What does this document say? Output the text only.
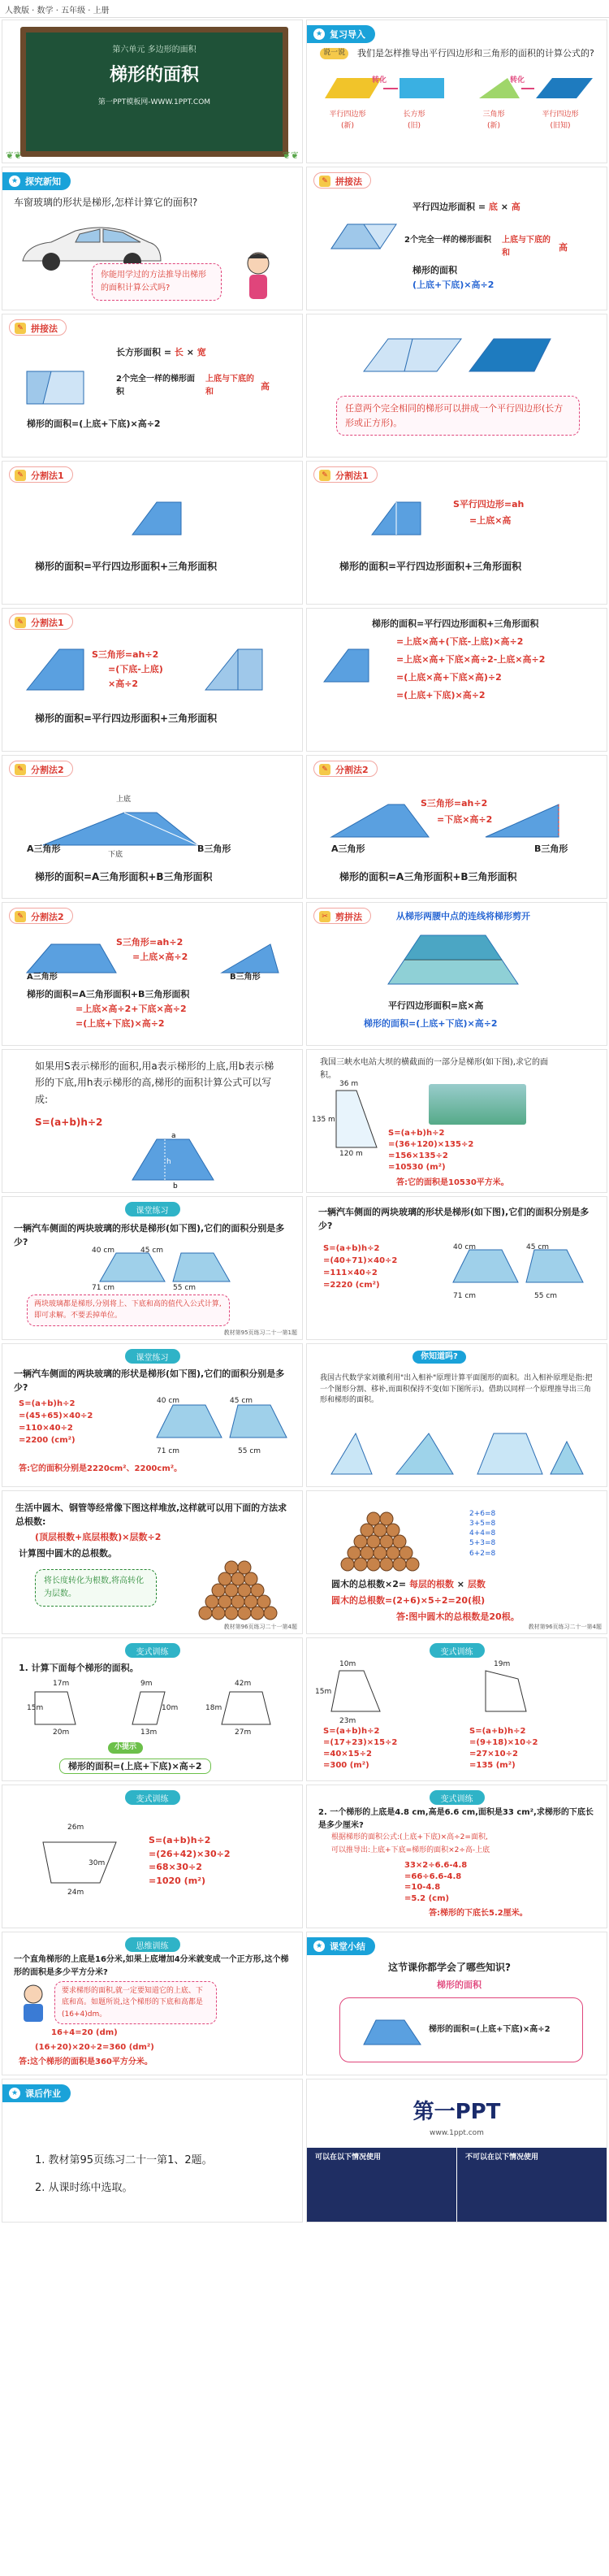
人教版 · 数学 · 五年级 · 上册
第六单元 多边形的面积
梯形的面积
第一PPT模板网-WWW.1PPT.COM
❦❦	❦❦
★ 复习导入
说一说	我们是怎样推导出平行四边形和三角形的面积的计算公式的?
转化	转化
平行四边形
(新)
长方形
(旧)
三角形
(新)
平行四边形
(旧知)
★ 探究新知
车窗玻璃的形状是梯形,怎样计算它的面积?
你能用学过的方法推导出梯形的面积计算公式吗?
✎ 拼接法
平行四边形面积 = 底 × 高
2个完全一样的梯形面积	上底与下底的和	高
梯形的面积
(上底+下底)×高÷2
✎ 拼接法
长方形面积 = 长 × 宽
2个完全一样的梯形面积
上底与下底的和	高
梯形的面积=(上底+下底)×高÷2
任意两个完全相同的梯形可以拼成一个平行四边形(长方形或正方形)。
✎ 分割法1
梯形的面积=平行四边形面积+三角形面积
✎ 分割法1
S平行四边形=ah
=上底×高
梯形的面积=平行四边形面积+三角形面积
✎ 分割法1
S三角形=ah÷2
=(下底-上底)
×高÷2
梯形的面积=平行四边形面积+三角形面积
梯形的面积=平行四边形面积+三角形面积
=上底×高+(下底-上底)×高÷2
=上底×高+下底×高÷2-上底×高÷2
=(上底×高+下底×高)÷2
=(上底+下底)×高÷2
✎ 分割法2
上底
下底
A三角形	B三角形
梯形的面积=A三角形面积+B三角形面积
✎ 分割法2
S三角形=ah÷2
=下底×高÷2
A三角形	B三角形
梯形的面积=A三角形面积+B三角形面积
✎ 分割法2
S三角形=ah÷2
=上底×高÷2
A三角形	B三角形
梯形的面积=A三角形面积+B三角形面积
=上底×高÷2+下底×高÷2
=(上底+下底)×高÷2
✂ 剪拼法	从梯形两腰中点的连线将梯形剪开
平行四边形面积=底×高
梯形的面积=(上底+下底)×高÷2
如果用S表示梯形的面积,用a表示梯形的上底,用b表示梯形的下底,用h表示梯形的高,梯形的面积计算公式可以写成:
S=(a+b)h÷2
a
b
h
我国三峡水电站大坝的横截面的一部分是梯形(如下图),求它的面积。
36 m
135 m
120 m
S=(a+b)h÷2
=(36+120)×135÷2
=156×135÷2
=10530 (m²)
答:它的面积是10530平方米。
课堂练习
一辆汽车侧面的两块玻璃的形状是梯形(如下图),它们的面积分别是多少?
40 cm	45 cm
71 cm	55 cm
两块玻璃都是梯形,分别将上、下底和高的值代入公式计算,即可求解。不要丢掉单位。
教材第95页练习二十一第1题
一辆汽车侧面的两块玻璃的形状是梯形(如下图),它们的面积分别是多少?
S=(a+b)h÷2
=(40+71)×40÷2
=111×40÷2
=2220 (cm²)
40 cm	45 cm
71 cm	55 cm
课堂练习
一辆汽车侧面的两块玻璃的形状是梯形(如下图),它们的面积分别是多少?
S=(a+b)h÷2
=(45+65)×40÷2
=110×40÷2
=2200 (cm²)
40 cm	45 cm
71 cm	55 cm
答:它的面积分别是2220cm²、2200cm²。
你知道吗?
我国古代数学家刘徽利用"出入相补"原理计算平面图形的面积。出入相补原理是指:把一个图形分割、移补,而面积保持不变(如下图所示)。借助以同样一个原理推导出三角形和梯形的面积。
生活中圆木、钢管等经常像下图这样堆放,这样就可以用下面的方法求总根数:
(顶层根数+底层根数)×层数÷2
计算图中圆木的总根数。
将长度转化为根数,将高转化为层数。
教材第96页练习二十一第4题
2+6=8
3+5=8
4+4=8
5+3=8
6+2=8
圆木的总根数×2= 每层的根数 × 层数
圆木的总根数=(2+6)×5÷2=20(根)
答:图中圆木的总根数是20根。
教材第96页练习二十一第4题
变式训练
1. 计算下面每个梯形的面积。
17m
15m
20m
9m
10m
13m
42m
27m
18m
小提示
梯形的面积=(上底+下底)×高÷2
变式训练
10m	19m
15m
23m
S=(a+b)h÷2
=(17+23)×15÷2
=40×15÷2
=300 (m²)
S=(a+b)h÷2
=(9+18)×10÷2
=27×10÷2
=135 (m²)
变式训练
26m
30m
24m
S=(a+b)h÷2
=(26+42)×30÷2
=68×30÷2
=1020 (m²)
变式训练
2. 一个梯形的上底是4.8 cm,高是6.6 cm,面积是33 cm²,求梯形的下底长是多少厘米?
根据梯形的面积公式:(上底+下底)×高÷2=面积,
可以推导出:上底+下底=梯形的面积×2÷高-上底
33×2÷6.6-4.8
=66÷6.6-4.8
=10-4.8
=5.2 (cm)
答:梯形的下底长5.2厘米。
思维训练
一个直角梯形的上底是16分米,如果上底增加4分米就变成一个正方形,这个梯形的面积是多少平方分米?
要求梯形的面积,就一定要知道它的上底、下底和高。如题所说,这个梯形的下底和高都是(16+4)dm。
16+4=20 (dm)
(16+20)×20÷2=360 (dm²)
答:这个梯形的面积是360平方分米。
★ 课堂小结
这节课你都学会了哪些知识?
梯形的面积
梯形的面积=(上底+下底)×高÷2
★ 课后作业
1. 教材第95页练习二十一第1、2题。
2. 从课时练中选取。
第一PPT
www.1ppt.com
可以在以下情况使用	不可以在以下情况使用
